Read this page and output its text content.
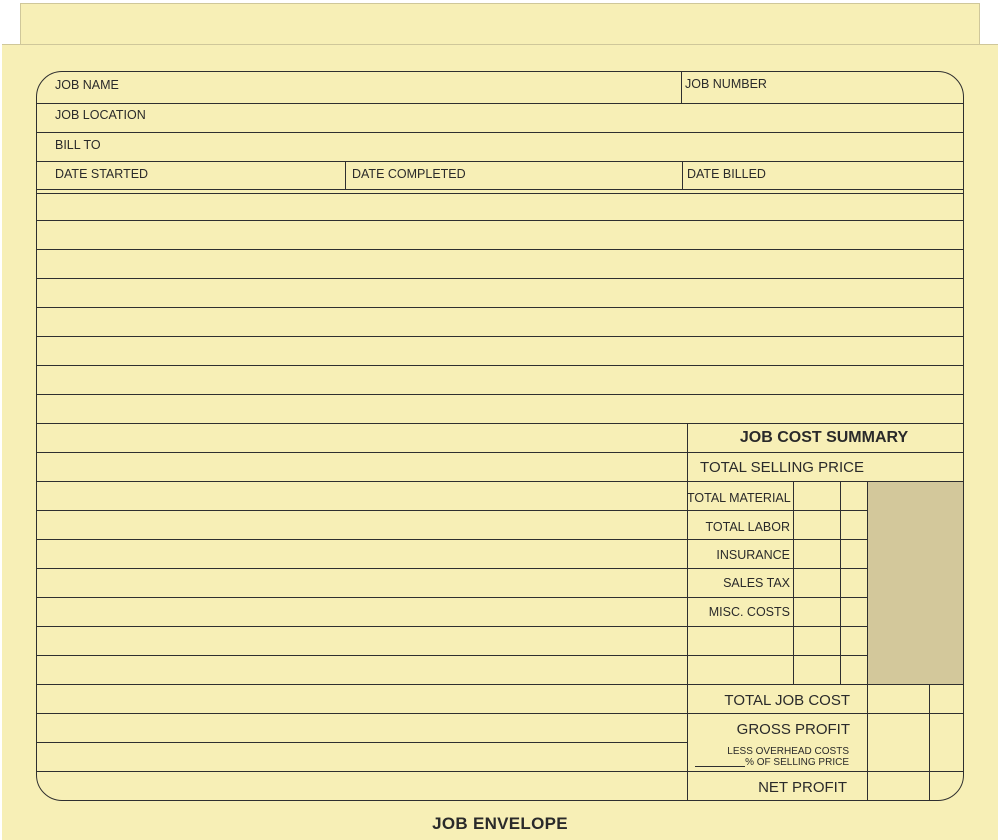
JOB NAME	JOB NUMBER
JOB LOCATION
BILL TO
DATE STARTED	DATE COMPLETED	DATE BILLED
JOB COST SUMMARY
TOTAL SELLING PRICE
TOTAL MATERIAL
TOTAL LABOR
INSURANCE
SALES TAX
MISC. COSTS
TOTAL JOB COST
GROSS PROFIT
LESS OVERHEAD COSTS
% OF SELLING PRICE
NET PROFIT
JOB ENVELOPE
